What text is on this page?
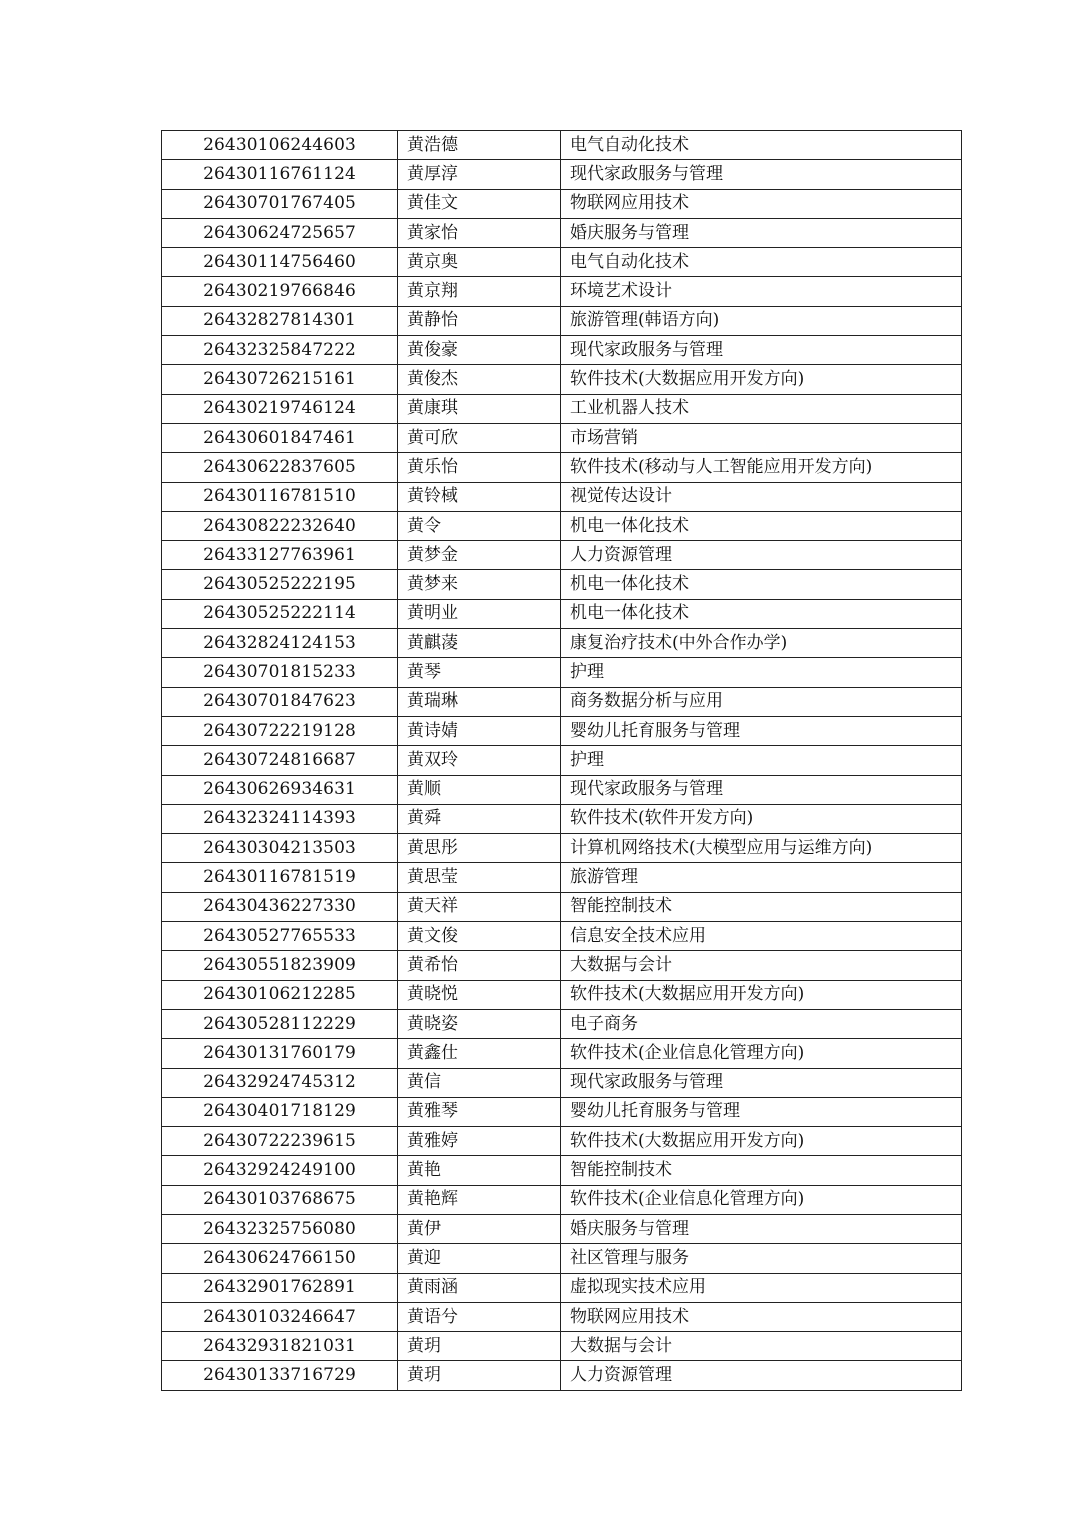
26430106244603	黄浩德	电气自动化技术
26430116761124	黄厚淳	现代家政服务与管理
26430701767405	黄佳文	物联网应用技术
26430624725657	黄家怡	婚庆服务与管理
26430114756460	黄京奥	电气自动化技术
26430219766846	黄京翔	环境艺术设计
26432827814301	黄静怡	旅游管理(韩语方向)
26432325847222	黄俊豪	现代家政服务与管理
26430726215161	黄俊杰	软件技术(大数据应用开发方向)
26430219746124	黄康琪	工业机器人技术
26430601847461	黄可欣	市场营销
26430622837605	黄乐怡	软件技术(移动与人工智能应用开发方向)
26430116781510	黄铃棫	视觉传达设计
26430822232640	黄令	机电一体化技术
26433127763961	黄梦金	人力资源管理
26430525222195	黄梦来	机电一体化技术
26430525222114	黄明业	机电一体化技术
26432824124153	黄麒蓤	康复治疗技术(中外合作办学)
26430701815233	黄琴	护理
26430701847623	黄瑞琳	商务数据分析与应用
26430722219128	黄诗婧	婴幼儿托育服务与管理
26430724816687	黄双玲	护理
26430626934631	黄顺	现代家政服务与管理
26432324114393	黄舜	软件技术(软件开发方向)
26430304213503	黄思彤	计算机网络技术(大模型应用与运维方向)
26430116781519	黄思莹	旅游管理
26430436227330	黄天祥	智能控制技术
26430527765533	黄文俊	信息安全技术应用
26430551823909	黄希怡	大数据与会计
26430106212285	黄晓悦	软件技术(大数据应用开发方向)
26430528112229	黄晓姿	电子商务
26430131760179	黄鑫仕	软件技术(企业信息化管理方向)
26432924745312	黄信	现代家政服务与管理
26430401718129	黄雅琴	婴幼儿托育服务与管理
26430722239615	黄雅婷	软件技术(大数据应用开发方向)
26432924249100	黄艳	智能控制技术
26430103768675	黄艳辉	软件技术(企业信息化管理方向)
26432325756080	黄伊	婚庆服务与管理
26430624766150	黄迎	社区管理与服务
26432901762891	黄雨涵	虚拟现实技术应用
26430103246647	黄语兮	物联网应用技术
26432931821031	黄玥	大数据与会计
26430133716729	黄玥	人力资源管理
